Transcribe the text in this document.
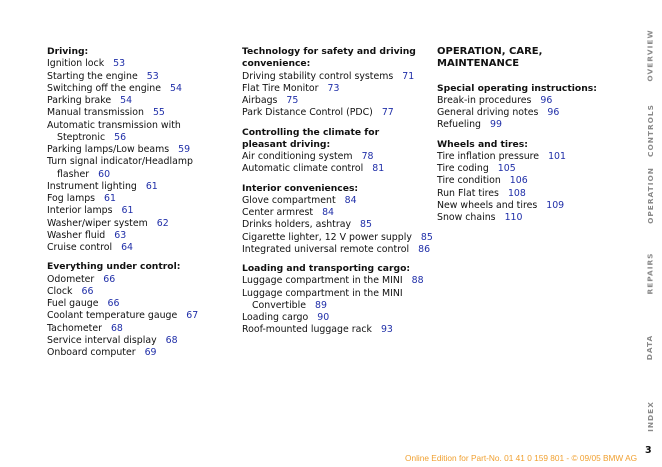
Driving:
Ignition lock 53
Starting the engine 53
Switching off the engine 54
Parking brake 54
Manual transmission 55
Automatic transmission with
Steptronic 56
Parking lamps/Low beams 59
Turn signal indicator/Headlamp
flasher 60
Instrument lighting 61
Fog lamps 61
Interior lamps 61
Washer/wiper system 62
Washer fluid 63
Cruise control 64
Everything under control:
Odometer 66
Clock 66
Fuel gauge 66
Coolant temperature gauge 67
Tachometer 68
Service interval display 68
Onboard computer 69
Technology for safety and driving convenience:
Driving stability control systems 71
Flat Tire Monitor 73
Airbags 75
Park Distance Control (PDC) 77
Controlling the climate for pleasant driving:
Air conditioning system 78
Automatic climate control 81
Interior conveniences:
Glove compartment 84
Center armrest 84
Drinks holders, ashtray 85
Cigarette lighter, 12 V power supply 85
Integrated universal remote control 86
Loading and transporting cargo:
Luggage compartment in the MINI 88
Luggage compartment in the MINI
Convertible 89
Loading cargo 90
Roof-mounted luggage rack 93
OPERATION, CARE, MAINTENANCE
Special operating instructions:
Break-in procedures 96
General driving notes 96
Refueling 99
Wheels and tires:
Tire inflation pressure 101
Tire coding 105
Tire condition 106
Run Flat tires 108
New wheels and tires 109
Snow chains 110
OVERVIEW
CONTROLS
OPERATION
REPAIRS
DATA
INDEX
3
Online Edition for Part-No. 01 41 0 159 801 - © 09/05 BMW AG
